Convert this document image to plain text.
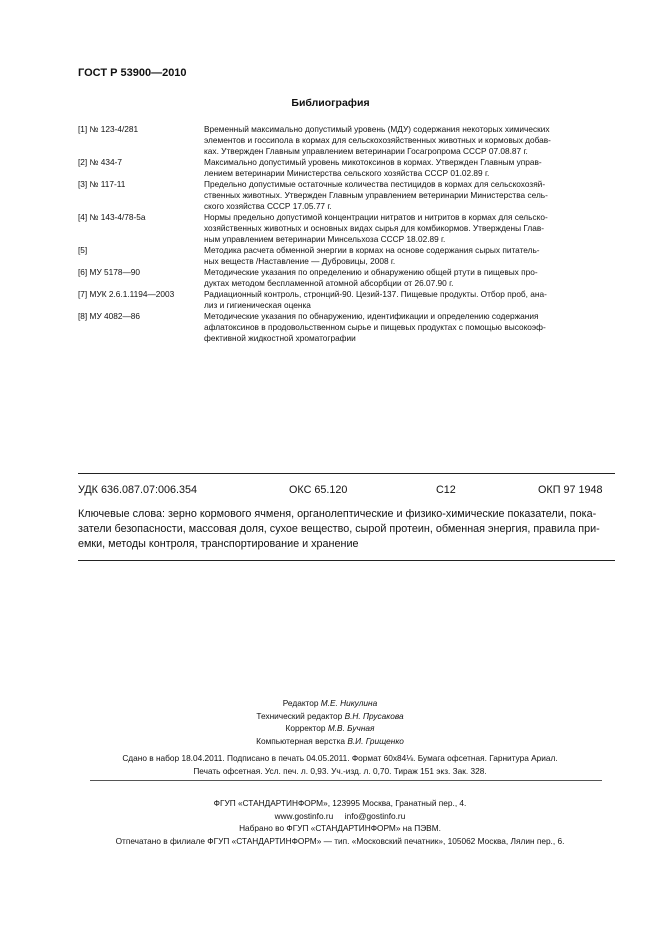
ГОСТ Р 53900—2010
Библиография
[1] № 123-4/281	Временный максимально допустимый уровень (МДУ) содержания некоторых химических
элементов и госсипола в кормах для сельскохозяйственных животных и кормовых добав-
ках. Утвержден Главным управлением ветеринарии Госагропрома СССР 07.08.87 г.
[2] № 434-7	Максимально допустимый уровень микотоксинов в кормах. Утвержден Главным управ-
лением ветеринарии Министерства сельского хозяйства СССР 01.02.89 г.
[3] № 117-11	Предельно допустимые остаточные количества пестицидов в кормах для сельскохозяй-
ственных животных. Утвержден Главным управлением ветеринарии Министерства сель-
ского хозяйства СССР 17.05.77 г.
[4] № 143-4/78-5а	Нормы предельно допустимой концентрации нитратов и нитритов в кормах для сельско-
хозяйственных животных и основных видах сырья для комбикормов. Утверждены Глав-
ным управлением ветеринарии Минсельхоза СССР 18.02.89 г.
[5]	Методика расчета обменной энергии в кормах на основе содержания сырых питатель-
ных веществ /Наставление — Дубровицы, 2008 г.
[6] МУ 5178—90	Методические указания по определению и обнаружению общей ртути в пищевых про-
дуктах методом беспламенной атомной абсорбции от 26.07.90 г.
[7] МУК 2.6.1.1194—2003	Радиационный контроль, стронций-90. Цезий-137. Пищевые продукты. Отбор проб, ана-
лиз и гигиеническая оценка
[8] МУ 4082—86	Методические указания по обнаружению, идентификации и определению содержания
афлатоксинов в продовольственном сырье и пищевых продуктах с помощью высокоэф-
фективной жидкостной хроматографии
УДК 636.087.07:006.354	ОКС 65.120	С12	ОКП 97 1948
Ключевые слова: зерно кормового ячменя, органолептические и физико-химические показатели, пока-
затели безопасности, массовая доля, сухое вещество, сырой протеин, обменная энергия, правила при-
емки, методы контроля, транспортирование и хранение
Редактор М.Е. Никулина
Технический редактор В.Н. Прусакова
Корректор М.В. Бучная
Компьютерная верстка В.И. Грищенко
Сдано в набор 18.04.2011. Подписано в печать 04.05.2011. Формат 60x84⅛. Бумага офсетная. Гарнитура Ариал.
Печать офсетная. Усл. печ. л. 0,93. Уч.-изд. л. 0,70. Тираж 151 экз. Зак. 328.
ФГУП «СТАНДАРТИНФОРМ», 123995 Москва, Гранатный пер., 4.
www.gostinfo.ru     info@gostinfo.ru
Набрано во ФГУП «СТАНДАРТИНФОРМ» на ПЭВМ.
Отпечатано в филиале ФГУП «СТАНДАРТИНФОРМ» — тип. «Московский печатник», 105062 Москва, Лялин пер., 6.
